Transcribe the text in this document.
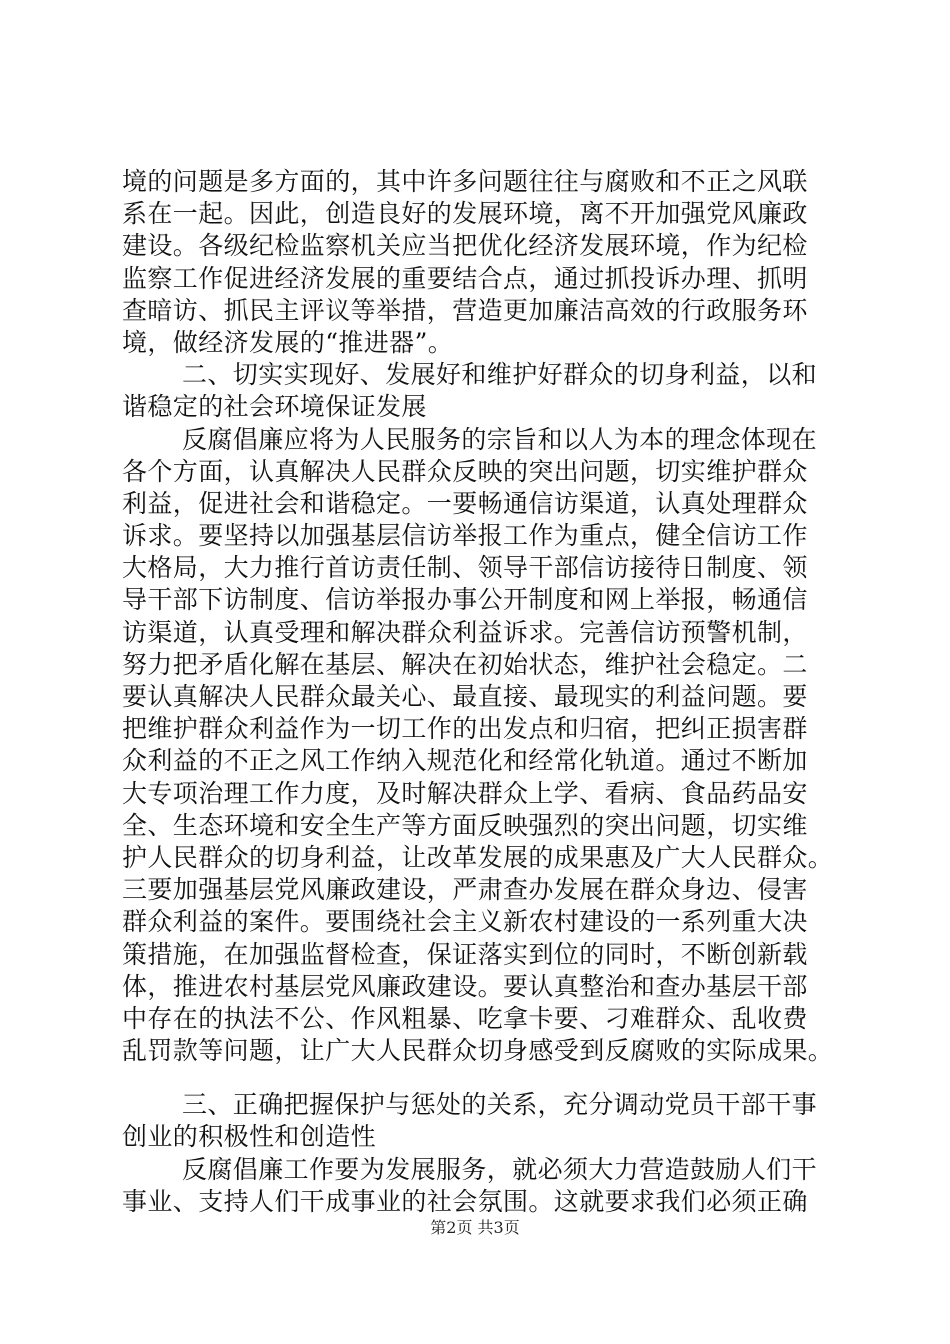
境的问题是多方面的，其中许多问题往往与腐败和不正之风联
系在一起。因此，创造良好的发展环境，离不开加强党风廉政
建设。各级纪检监察机关应当把优化经济发展环境，作为纪检
监察工作促进经济发展的重要结合点，通过抓投诉办理、抓明
查暗访、抓民主评议等举措，营造更加廉洁高效的行政服务环
境，做经济发展的“推进器”。
二、切实实现好、发展好和维护好群众的切身利益，以和
谐稳定的社会环境保证发展
反腐倡廉应将为人民服务的宗旨和以人为本的理念体现在
各个方面，认真解决人民群众反映的突出问题，切实维护群众
利益，促进社会和谐稳定。一要畅通信访渠道，认真处理群众
诉求。要坚持以加强基层信访举报工作为重点，健全信访工作
大格局，大力推行首访责任制、领导干部信访接待日制度、领
导干部下访制度、信访举报办事公开制度和网上举报，畅通信
访渠道，认真受理和解决群众利益诉求。完善信访预警机制，
努力把矛盾化解在基层、解决在初始状态，维护社会稳定。二
要认真解决人民群众最关心、最直接、最现实的利益问题。要
把维护群众利益作为一切工作的出发点和归宿，把纠正损害群
众利益的不正之风工作纳入规范化和经常化轨道。通过不断加
大专项治理工作力度，及时解决群众上学、看病、食品药品安
全、生态环境和安全生产等方面反映强烈的突出问题，切实维
护人民群众的切身利益，让改革发展的成果惠及广大人民群众。
三要加强基层党风廉政建设，严肃查办发展在群众身边、侵害
群众利益的案件。要围绕社会主义新农村建设的一系列重大决
策措施，在加强监督检查，保证落实到位的同时，不断创新载
体，推进农村基层党风廉政建设。要认真整治和查办基层干部
中存在的执法不公、作风粗暴、吃拿卡要、刁难群众、乱收费
乱罚款等问题，让广大人民群众切身感受到反腐败的实际成果。
三、正确把握保护与惩处的关系，充分调动党员干部干事
创业的积极性和创造性
反腐倡廉工作要为发展服务，就必须大力营造鼓励人们干
事业、支持人们干成事业的社会氛围。这就要求我们必须正确
第2页 共3页
